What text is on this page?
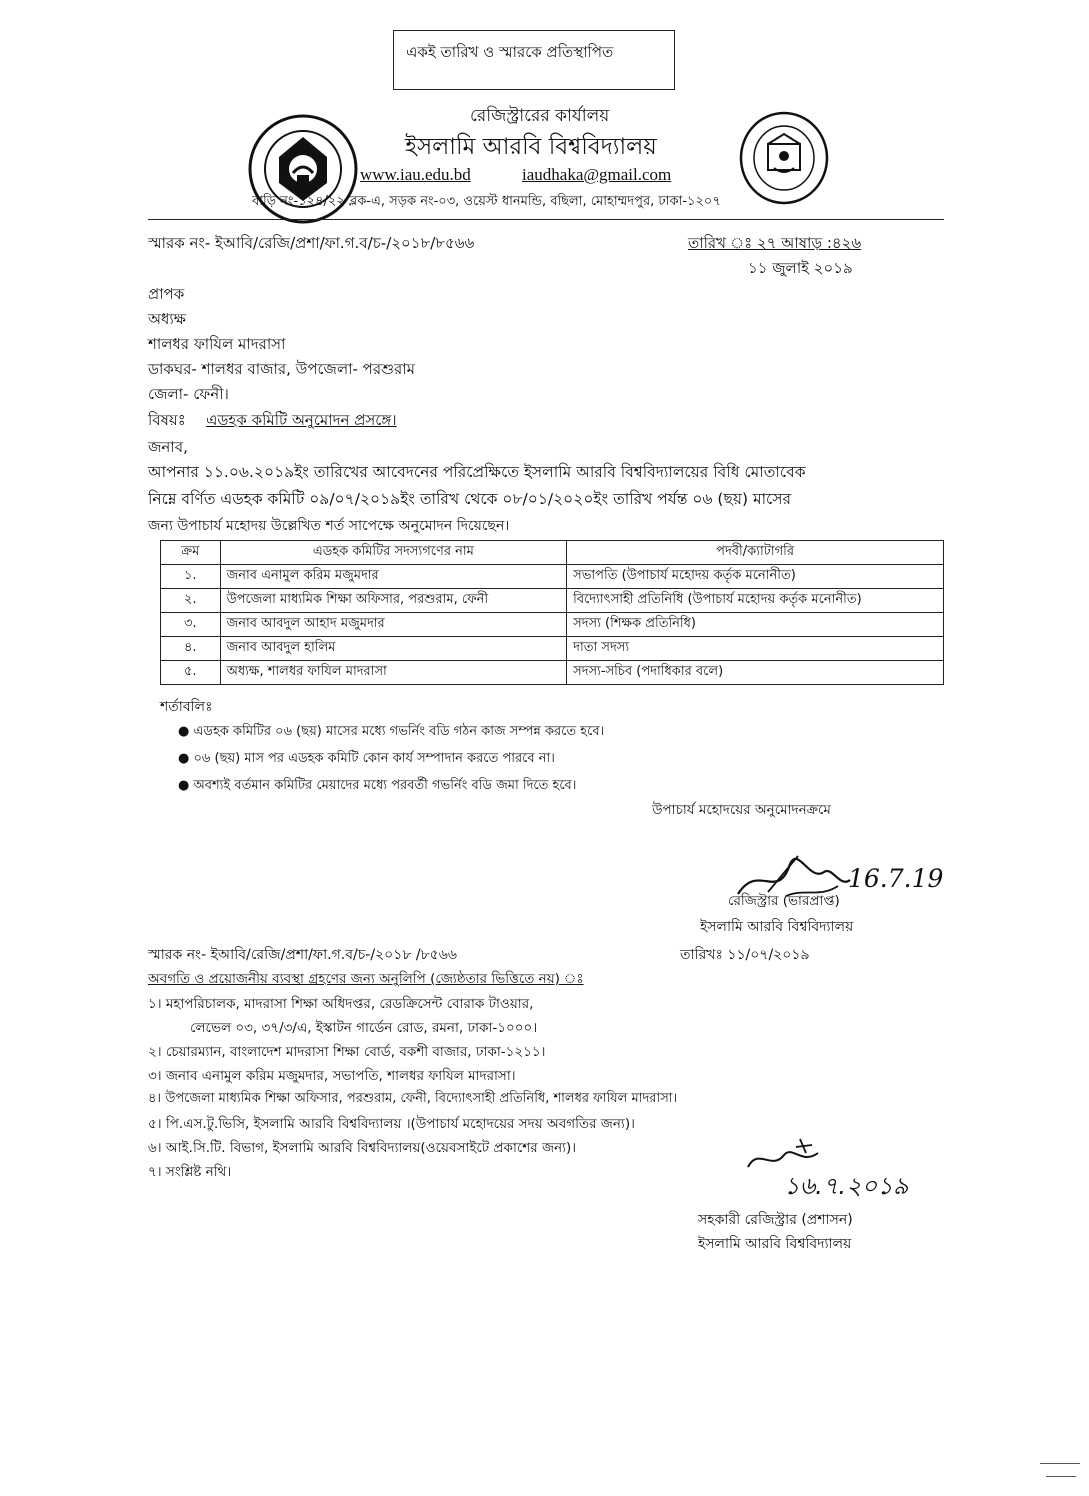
একই তারিখ ও স্মারকে প্রতিস্থাপিত
রেজিস্ট্রারের কার্যালয়
ইসলামি আরবি বিশ্ববিদ্যালয়
www.iau.edu.bd	iaudhaka@gmail.com
বাড়ি নং-১২৪/২২ ব্লক-এ, সড়ক নং-০৩, ওয়েস্ট ধানমন্ডি, বছিলা, মোহাম্মদপুর, ঢাকা-১২০৭
স্মারক নং- ইআবি/রেজি/প্রশা/ফা.গ.ব/চ-/২০১৮/৮৫৬৬	তারিখ ঃ ২৭ আষাড় :৪২৬
১১ জুলাই ২০১৯
প্রাপক
অধ্যক্ষ
শালধর ফাযিল মাদরাসা
ডাকঘর- শালধর বাজার, উপজেলা- পরশুরাম
জেলা- ফেনী।
বিষয়ঃ এডহক কমিটি অনুমোদন প্রসঙ্গে।
জনাব,
আপনার ১১.০৬.২০১৯ইং তারিখের আবেদনের পরিপ্রেক্ষিতে ইসলামি আরবি বিশ্ববিদ্যালয়ের বিধি মোতাবেক
নিম্নে বর্ণিত এডহক কমিটি ০৯/০৭/২০১৯ইং তারিখ থেকে ০৮/০১/২০২০ইং তারিখ পর্যন্ত ০৬ (ছয়) মাসের
জন্য উপাচার্য মহোদয় উল্লেখিত শর্ত সাপেক্ষে অনুমোদন দিয়েছেন।
ক্রম	এডহক কমিটির সদস্যগণের নাম	পদবী/ক্যাটাগরি
১.	জনাব এনামুল করিম মজুমদার	সভাপতি (উপাচার্য মহোদয় কর্তৃক মনোনীত)
২.	উপজেলা মাধ্যমিক শিক্ষা অফিসার, পরশুরাম, ফেনী	বিদ্যোৎসাহী প্রতিনিধি (উপাচার্য মহোদয় কর্তৃক মনোনীত)
৩.	জনাব আবদুল আহাদ মজুমদার	সদস্য (শিক্ষক প্রতিনিধি)
৪.	জনাব আবদুল হালিম	দাতা সদস্য
৫.	অধ্যক্ষ, শালধর ফাযিল মাদরাসা	সদস্য-সচিব (পদাধিকার বলে)
শর্তাবলিঃ
● এডহক কমিটির ০৬ (ছয়) মাসের মধ্যে গভর্নিং বডি গঠন কাজ সম্পন্ন করতে হবে।
● ০৬ (ছয়) মাস পর এডহক কমিটি কোন কার্য সম্পাদান করতে পারবে না।
● অবশ্যই বর্তমান কমিটির মেয়াদের মধ্যে পরবর্তী গভর্নিং বডি জমা দিতে হবে।
উপাচার্য মহোদয়ের অনুমোদনক্রমে
16.7.19
রেজিস্ট্রার (ভারপ্রাপ্ত)
ইসলামি আরবি বিশ্ববিদ্যালয়
স্মারক নং- ইআবি/রেজি/প্রশা/ফা.গ.ব/চ-/২০১৮ /৮৫৬৬	তারিখঃ ১১/০৭/২০১৯
অবগতি ও প্রয়োজনীয় ব্যবস্থা গ্রহণের জন্য অনুলিপি (জ্যেষ্ঠতার ভিত্তিতে নয়) ঃ
১। মহাপরিচালক, মাদরাসা শিক্ষা অধিদপ্তর, রেডক্রিসেন্ট বোরাক টাওয়ার,
লেভেল ০৩, ৩৭/৩/এ, ইস্কাটন গার্ডেন রোড, রমনা, ঢাকা-১০০০।
২। চেয়ারম্যান, বাংলাদেশ মাদরাসা শিক্ষা বোর্ড, বকশী বাজার, ঢাকা-১২১১।
৩। জনাব এনামুল করিম মজুমদার, সভাপতি, শালধর ফাযিল মাদরাসা।
৪। উপজেলা মাধ্যমিক শিক্ষা অফিসার, পরশুরাম, ফেনী, বিদ্যোৎসাহী প্রতিনিধি, শালধর ফাযিল মাদরাসা।
৫। পি.এস.টু.ভিসি, ইসলামি আরবি বিশ্ববিদ্যালয় ।(উপাচার্য মহোদয়ের সদয় অবগতির জন্য)।
৬। আই.সি.টি. বিভাগ, ইসলামি আরবি বিশ্ববিদ্যালয়(ওয়েবসাইটে প্রকাশের জন্য)।
৭। সংশ্লিষ্ট নথি।	১৬.৭.২০১৯
সহকারী রেজিস্ট্রার (প্রশাসন)
ইসলামি আরবি বিশ্ববিদ্যালয়
